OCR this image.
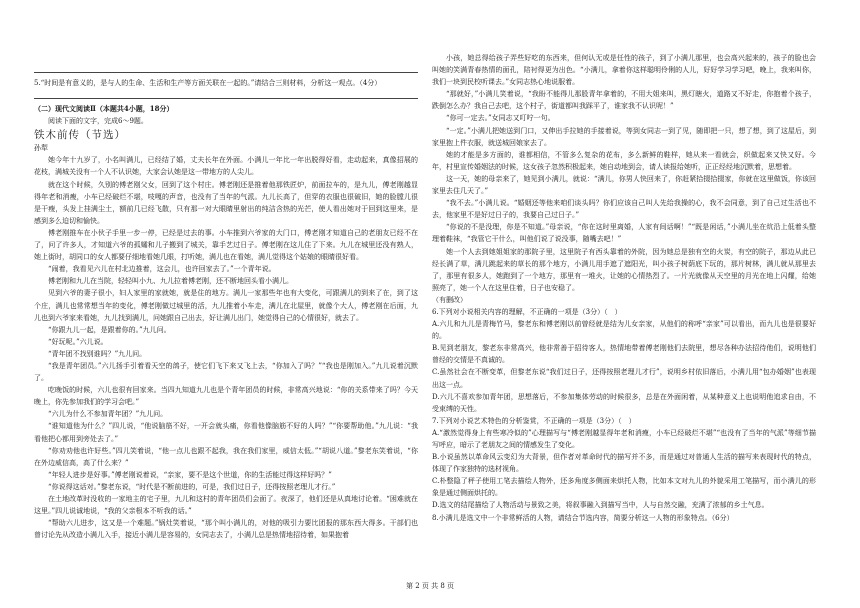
5.“时间是有意义的，是与人的生命、生活和生产等方面关联在一起的。”请结合三则材料，分析这一观点。（4分）

（二）现代文阅读Ⅱ（本题共4小题，18分）

阅读下面的文字，完成6～9题。

铁木前传（节选）

孙犁

她今年十九岁了，小名叫满儿，已经结了婚，丈夫长年在外面。小满儿一年比一年出脱得好看，走动起来，真像招展的花枝，满城关没有一个人不认识她，大家会认她是这一带地方的人尖儿。

就在这个时候，久别的傅老刚父女，回到了这个村庄。傅老刚还是推着他那铁匠炉，前面拉车的，是九儿，傅老刚越显得年老和消瘦，小车已经破烂不堪，吱嘎的声音，也没有了当年的气派。九儿长高了，但穿的衣服也很破旧，她的脸膛儿很是干瘦，头发上挂满尘土，额前几已经飞散，只有那一对大眼睛里射出的纯洁含热的光芒，使人看出她对于回到这里来，是感到多么迫切和愉快。

傅老刚推车在小伙子手里一步一停，已经是过去的事。小车推到六爷家的大门口，傅老刚才知道自己的老朋友已经不在了，问了许多人，才知道六爷的孤孀和儿子搬到了城关，靠手艺过日子。傅老刚在这儿住了下来。九儿在城里还没有熟人，她上街时，胡同口的女人都要仔细地看她几眼，打听她，满儿也在看她，满儿觉得这个姑娘的眼睛很好看。

“闹着，我看见六儿在村北边推着，这会儿，也许回家去了。”一个青年说。

傅老刚和九儿在当院，轻轻叫小九、九儿拉着傅老刚，还不断地回头看小满儿。

见到六爷的妻子很小，妇人家里的家就她，就是住的地方。满儿一家那些年也有大变化，可跟满儿的到来了在，到了这个庄，满儿也常常想当年的变化，傅老刚做过城里的活，九儿推着小车走，满儿在北屋里，就像个大人，傅老刚在后面，九儿也到六爷家来看她，九儿找到满儿，问她跟自己出去，好让满儿出门，她觉得自己的心情很好，就去了。

“你跟九儿一起，是跟着你的。”九儿问。

“好玩呢。”六儿说。

“青年团不找别谁吗？”九儿问。

“我是青年团员。”六儿扬手引着看天空的鸽子，使它们飞下来又飞上去，“你加入了吗？”“我也是刚加入。”九儿说着沉默了。

吃晚饭的时候，六儿也很有回家来。当四九知道九儿也是个青年团员的时候，非常高兴地说：“你的关系带来了吗？今天晚上，你先参加我们的学习会吧。”

“六儿为什么不参加青年团？”九儿问。

“谁知道他为什么？”四儿说，“他说脑筋不好，一开会就头痛，你看他像脑筋不好的人吗？”“你要帮助他。”九儿说：“我看他把心都用到旁处去了。”

“你劝劝他也许好些。”四儿笑着说，“他一点儿也跟不起我，我在我们家里，威信太低。”“胡说八道。”黎老东笑着说，“你在外边威信高，高了什么来？”

“年轻人进步是好事。”傅老刚说着说，“亲家，要不是这个世道，你的生活能过得这样好吗？”

“你说得这话对。”黎老东说，“时代是不断前进的，可是，我们过日子，还得按照老理儿才行。”

在土地改革时没收的一家地主的宅子里，九儿和这村的青年团员们会面了。夜深了，他们还是从真地讨论着。“困难就在这里。”四儿说诚地说，“我的父亲根本不听我的话。”

“帮助六儿进步，这又是一个难题。”锅灶笑着说，“那个叫小满儿的，对他的吸引力要比团报的那东西大得多。干部们也曾讨论先从改造小满儿入手，接近小满儿是容易的，女同志去了，小满儿总是热情地招待着，如果抱着

小孩，她总得给孩子弄些好吃的东西来，但何认无或是任性的孩子，到了小满儿那里，也会高兴起来的，孩子的脸也会叫她的笑满青春热情的面孔，陪衬得更为出色。“小满儿，拿着你这样聪明伶俐的人儿，好好学习学习吧，晚上，我来叫你，我们一块到民校听课去。”女同志热心地说服着。

“那就好，”小满儿笑着说，“我盼不能得儿那股青年拿着的，不用大姐来叫，黑灯瞎火，道路又不好走，你抱着个孩子，跌倒怎么办？我自己去吧，这个村子，街道都叫我踩平了，谁家我不认识呢！”

“你可一定去。”女同志又叮咛一句。

“一定。”小满儿把她送到门口，又伸出手拉她的手接着说，等到女同志一到了见，随即把一只，想了想，到了这屋后，到家里抱上件衣服，就送城回娘家去了。

她的才能是多方面的，谁都相信，不管多么复杂的花布，多么新鲜的鞋样，她从来一看就会，织做起来又快又好。今年，村里宣传婚姻法的时候，这女孩子忽然积极起来，她自动地到会，请人读报给她听，正正经经地沉默着，思想着。

这一天，她的母亲来了，她见到小满儿，就说：“满儿，你男人快回来了，你赶紧拾掇拾掇家，你就在这里做饭，你该回家里去住几天了。”

“我不去。”小满儿说。“婚姻还等他来咱们谈头吗？你们应该自己叫人先给我操的心，我不会同意，到了自己过生活也不去，他家里不是好过日子的，我要自己过日子。”

“你说的不是没理，你是不知道。”母亲说，“你在这时里离婚，人家有间话啊！”“既是闲话，”小满儿坐在炕沿上低着头整理着鞋袜，“我管它干什么，叫他们说了说没事，随嘴去吧！”

她一个人去到她姐姐家的那院子里，这里院子有西头靠着的外院，因为她总是独有空的火炭，有空的院子，那边从此已经长满了草，满儿跳起来的草长的那个地方，小满儿用手遮了遮阳光，叫小孩子树荫底下玩的，那片树林，满儿就从那里去了，那里有很多人，她跑到了一个地方，那里有一堆火，让她的心情热烈了。一片光就像从天空里的月光在地上闪耀，给她照亮了，她一个人在这里住着，日子也安稳了。

（有删改）

6.下列对小说相关内容的理解，不正确的一项是（3分）（　）

A.六儿和九儿是青梅竹马，黎老东和傅老刚以前曾经就是结为儿女亲家，从他们的称呼“亲家”可以看出，而九儿也是很要好的。

B.见到老朋友，黎老东非常高兴，他非常善于招待客人，热情地带着傅老刚他们去院里，想尽各种办法招待他们，说明他们曾经的交情是不真诚的。

C.虽然社会在不断变革，但黎老东说“我们过日子，还得按照老理儿才行”，说明乡村依旧落后，小满儿用“包办婚姻”也表现出这一点。

D.六儿不喜欢参加青年团，思想落后，不参加集体劳动的时候很多，总是在外面闲着，从某种意义上也说明他追求自由，不受束缚的天性。

7.下列对小说艺术特色的分析鉴赏，不正确的一项是（3分）（　）

A.“激然觉得身上有些寒冷似的”心理描写与“傅老刚越显得年老和消瘦，小车已经破烂不堪”“也没有了当年的气派”等细节描写呼应，暗示了老朋友之间的情感发生了变化。

B.小说虽然以革命风云变幻为大背景，但作者对革命时代的描写并不多，而是通过对普通人生活的描写来表现时代的特点，体现了作家独特的选材视角。

C.朴整隐了秤子使用工笔去描绘人物外，还多角度多侧面来烘托人物，比如本文对九儿的外貌采用工笔描写，而小满儿的形象是通过侧面烘托的。

D.选文的结尾描绘了人物活动与景致之美，将叙事融入到描写当中，人与自然交融，充满了浓郁的乡土气息。

8.小满儿是选文中一个非常鲜活的人物，请结合节选内容，简要分析这一人物的形象特点。（6分）

第 2 页 共 8 页
